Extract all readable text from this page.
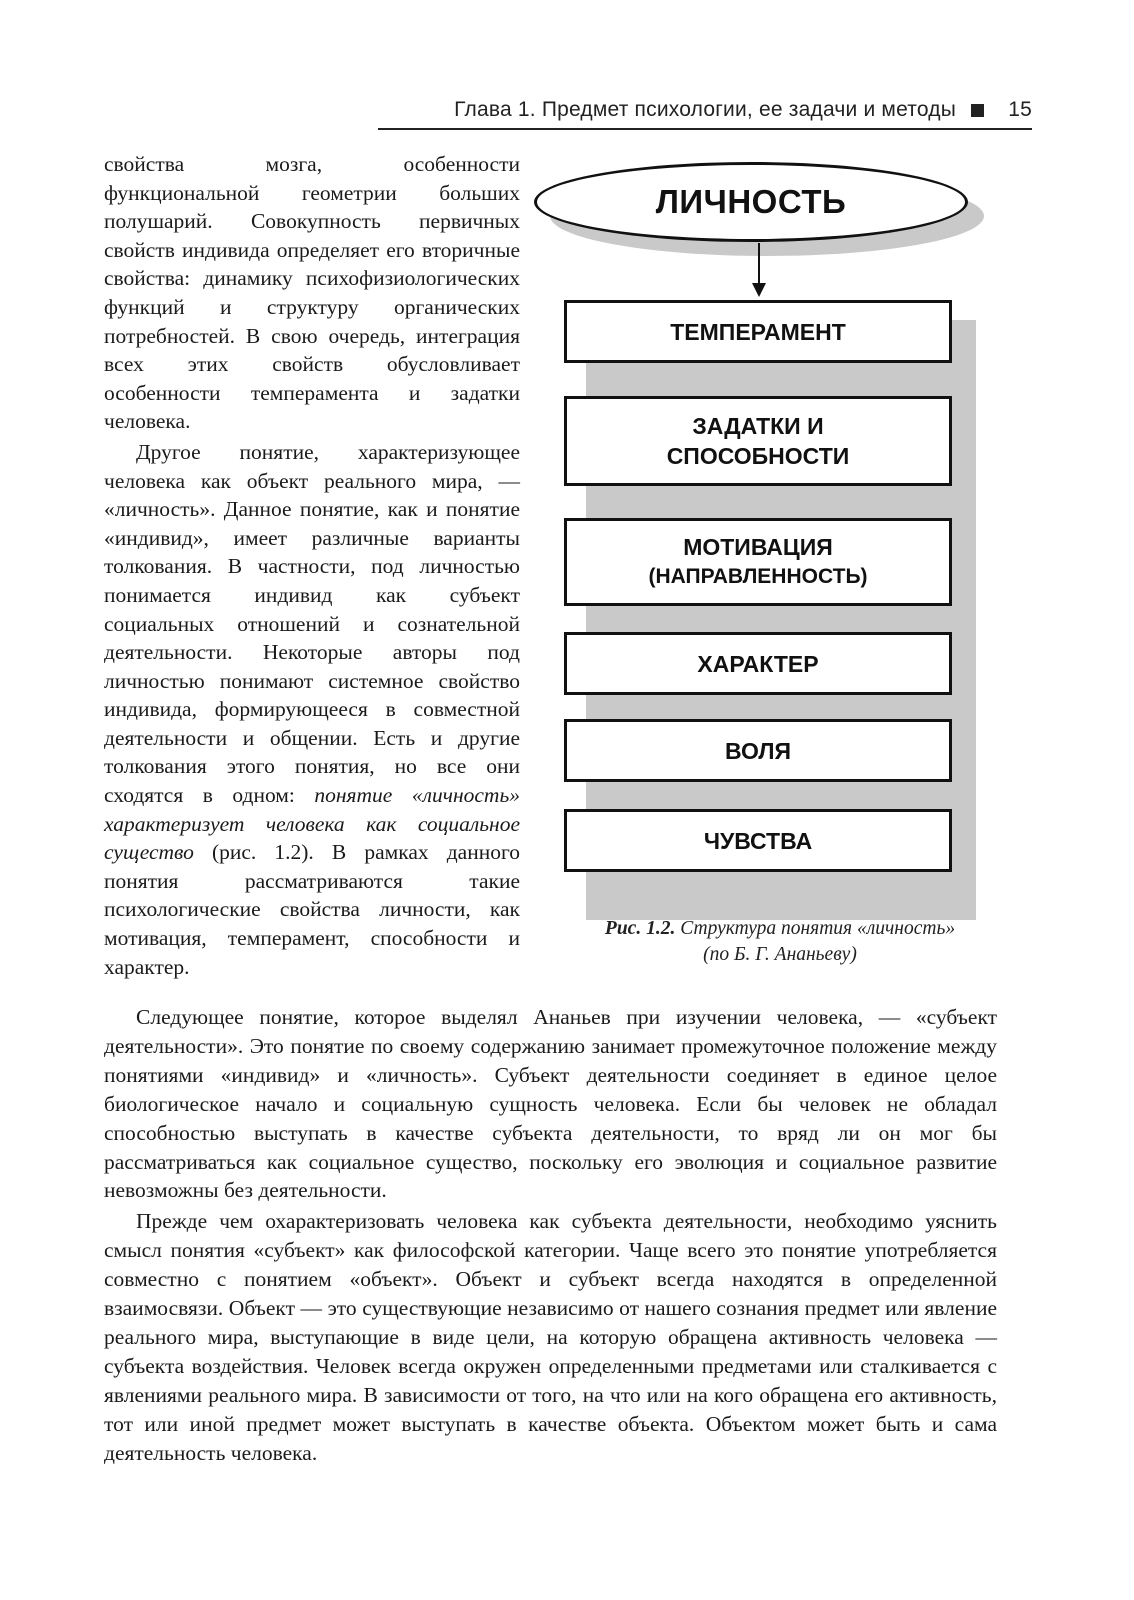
Глава 1. Предмет психологии, ее задачи и методы 15

свойства мозга, особенности функциональной геометрии больших полушарий. Совокупность первичных свойств индивида определяет его вторичные свойства: динамику психофизиологических функций и структуру органических потребностей. В свою очередь, интеграция всех этих свойств обусловливает особенности темперамента и задатки человека.

Другое понятие, характеризующее человека как объект реального мира, — «личность». Данное понятие, как и понятие «индивид», имеет различные варианты толкования. В частности, под личностью понимается индивид как субъект социальных отношений и сознательной деятельности. Некоторые авторы под личностью понимают системное свойство индивида, формирующееся в совместной деятельности и общении. Есть и другие толкования этого понятия, но все они сходятся в одном: понятие «личность» характеризует человека как социальное существо (рис. 1.2). В рамках данного понятия рассматриваются такие психологические свойства личности, как мотивация, темперамент, способности и характер.

ЛИЧНОСТЬ
ТЕМПЕРАМЕНТ
ЗАДАТКИ И
СПОСОБНОСТИ
МОТИВАЦИЯ
(НАПРАВЛЕННОСТЬ)
ХАРАКТЕР
ВОЛЯ
ЧУВСТВА
Рис. 1.2. Структура понятия «личность»
(по Б. Г. Ананьеву)

Следующее понятие, которое выделял Ананьев при изучении человека, — «субъект деятельности». Это понятие по своему содержанию занимает промежуточное положение между понятиями «индивид» и «личность». Субъект деятельности соединяет в единое целое биологическое начало и социальную сущность человека. Если бы человек не обладал способностью выступать в качестве субъекта деятельности, то вряд ли он мог бы рассматриваться как социальное существо, поскольку его эволюция и социальное развитие невозможны без деятельности.

Прежде чем охарактеризовать человека как субъекта деятельности, необходимо уяснить смысл понятия «субъект» как философской категории. Чаще всего это понятие употребляется совместно с понятием «объект». Объект и субъект всегда находятся в определенной взаимосвязи. Объект — это существующие независимо от нашего сознания предмет или явление реального мира, выступающие в виде цели, на которую обращена активность человека — субъекта воздействия. Человек всегда окружен определенными предметами или сталкивается с явлениями реального мира. В зависимости от того, на что или на кого обращена его активность, тот или иной предмет может выступать в качестве объекта. Объектом может быть и сама деятельность человека.
